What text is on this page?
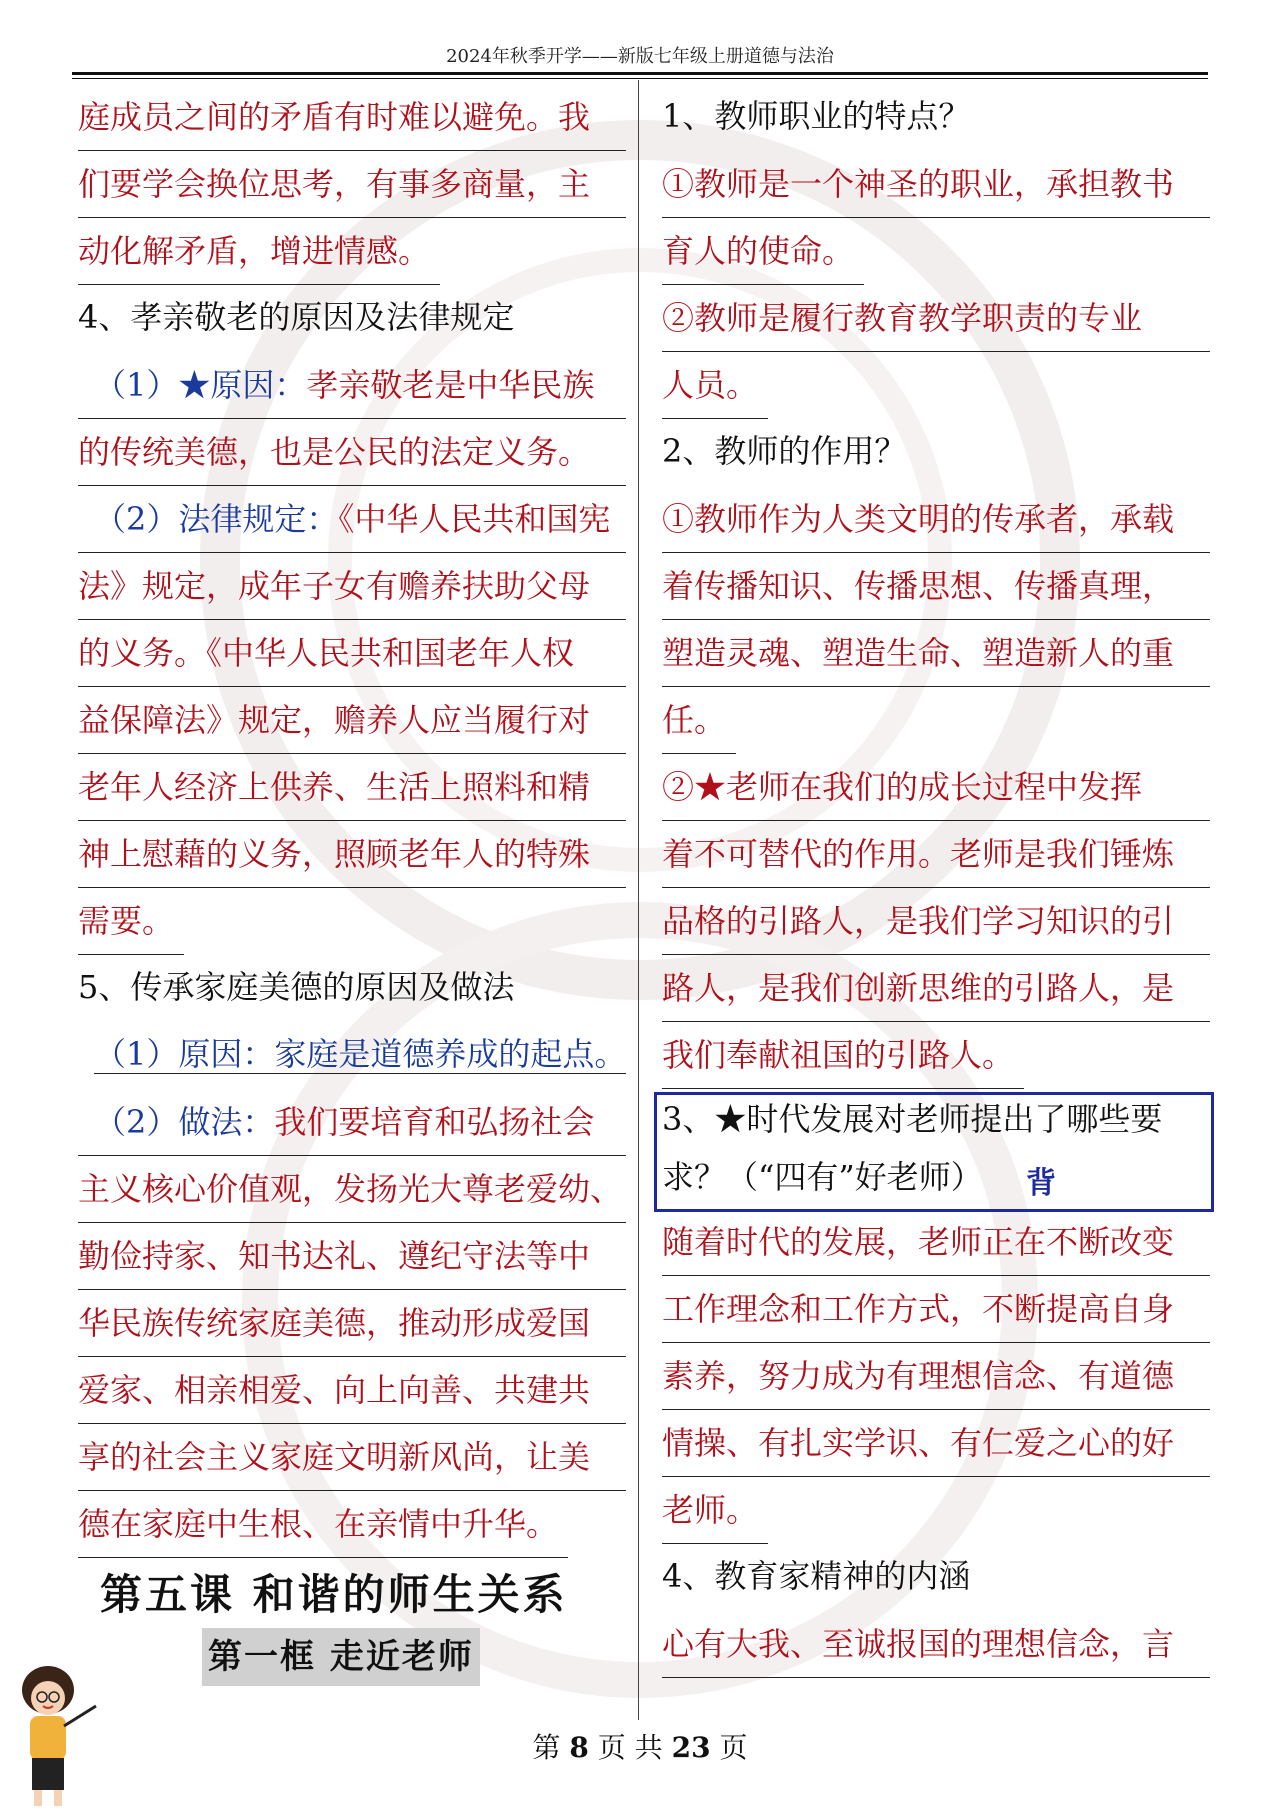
2024年秋季开学——新版七年级上册道德与法治
庭成员之间的矛盾有时难以避免。我
们要学会换位思考，有事多商量，主
动化解矛盾，增进情感。
4、孝亲敬老的原因及法律规定
（1）★原因：孝亲敬老是中华民族
的传统美德，也是公民的法定义务。
（2）法律规定：《中华人民共和国宪
法》规定，成年子女有赡养扶助父母
的义务。《中华人民共和国老年人权
益保障法》规定，赡养人应当履行对
老年人经济上供养、生活上照料和精
神上慰藉的义务，照顾老年人的特殊
需要。
5、传承家庭美德的原因及做法
（1）原因：家庭是道德养成的起点。
（2）做法：我们要培育和弘扬社会
主义核心价值观，发扬光大尊老爱幼、
勤俭持家、知书达礼、遵纪守法等中
华民族传统家庭美德，推动形成爱国
爱家、相亲相爱、向上向善、共建共
享的社会主义家庭文明新风尚，让美
德在家庭中生根、在亲情中升华。
第五课 和谐的师生关系
第一框 走近老师
1、教师职业的特点？
①教师是一个神圣的职业，承担教书
育人的使命。
②教师是履行教育教学职责的专业
人员。
2、教师的作用？
①教师作为人类文明的传承者，承载
着传播知识、传播思想、传播真理，
塑造灵魂、塑造生命、塑造新人的重
任。
②★老师在我们的成长过程中发挥
着不可替代的作用。老师是我们锤炼
品格的引路人，是我们学习知识的引
路人，是我们创新思维的引路人，是
我们奉献祖国的引路人。
3、★时代发展对老师提出了哪些要
求？（“四有”好老师）
随着时代的发展，老师正在不断改变
工作理念和工作方式，不断提高自身
素养，努力成为有理想信念、有道德
情操、有扎实学识、有仁爱之心的好
老师。
4、教育家精神的内涵
心有大我、至诚报国的理想信念，言
背
第 8 页 共 23 页
